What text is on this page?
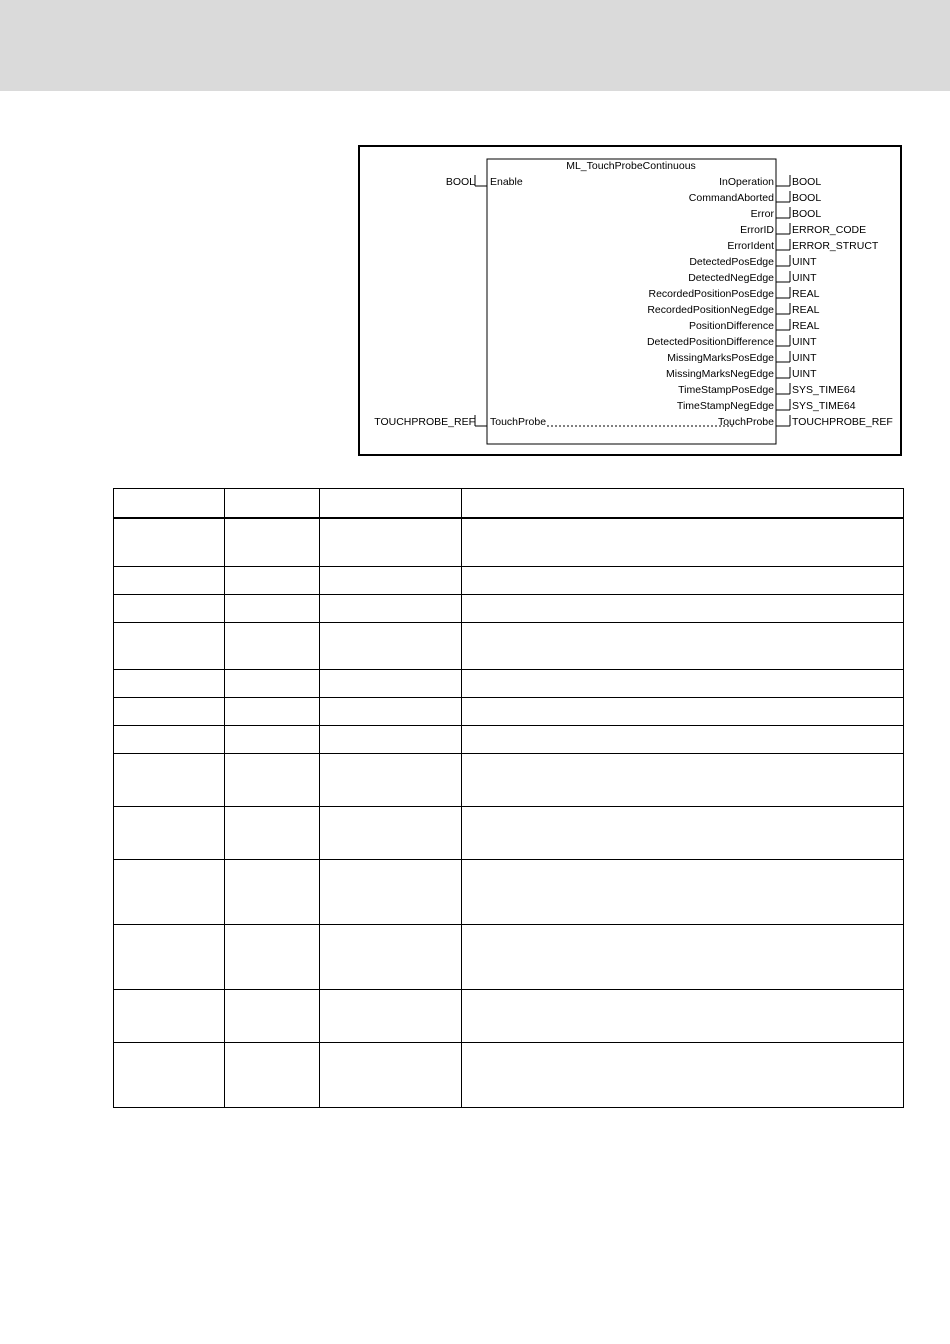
ML_TouchProbeContinuous
BOOL Enable
TOUCHPROBE_REF TouchProbe
InOperation BOOL
CommandAborted BOOL
Error BOOL
ErrorID ERROR_CODE
ErrorIdent ERROR_STRUCT
DetectedPosEdge UINT
DetectedNegEdge UINT
RecordedPositionPosEdge REAL
RecordedPositionNegEdge REAL
PositionDifference REAL
DetectedPositionDifference UINT
MissingMarksPosEdge UINT
MissingMarksNegEdge UINT
TimeStampPosEdge SYS_TIME64
TimeStampNegEdge SYS_TIME64
TouchProbe TOUCHPROBE_REF
